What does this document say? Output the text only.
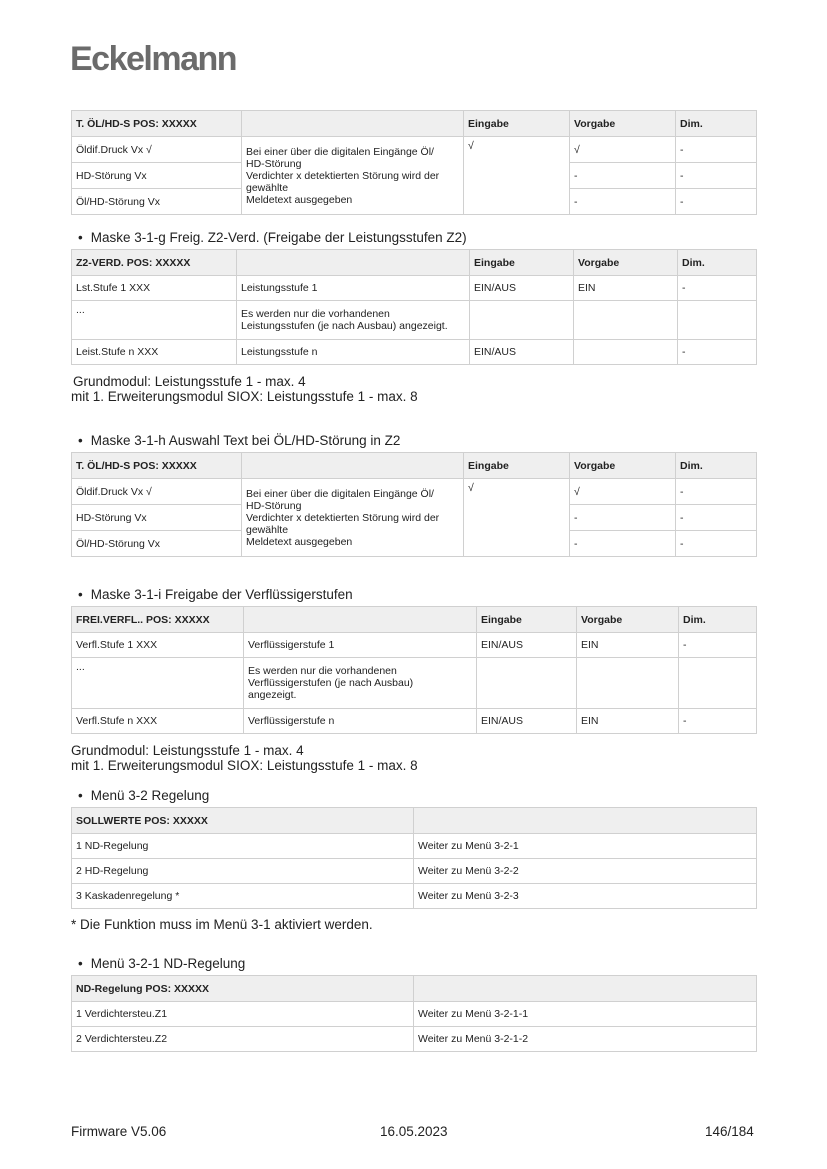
Eckelmann
T. ÖL/HD-S POS: XXXXX		Eingabe	Vorgabe	Dim.
Öldif.Druck Vx √	Bei einer über die digitalen Eingänge Öl/
HD-Störung
Verdichter x detektierten Störung wird der
gewählte
Meldetext ausgegeben	√	√	-
HD-Störung Vx			-	-
Öl/HD-Störung Vx			-	-
• Maske 3-1-g Freig. Z2-Verd. (Freigabe der Leistungsstufen Z2)
Z2-VERD. POS: XXXXX		Eingabe	Vorgabe	Dim.
Lst.Stufe 1 XXX	Leistungsstufe 1	EIN/AUS	EIN	-
...	Es werden nur die vorhandenen
Leistungsstufen (je nach Ausbau) angezeigt.			

Leist.Stufe n XXX	Leistungsstufe n	EIN/AUS		-
Grundmodul: Leistungsstufe 1 - max. 4
mit 1. Erweiterungsmodul SIOX: Leistungsstufe 1 - max. 8
• Maske 3-1-h Auswahl Text bei ÖL/HD-Störung in Z2
T. ÖL/HD-S POS: XXXXX		Eingabe	Vorgabe	Dim.
Öldif.Druck Vx √	Bei einer über die digitalen Eingänge Öl/
HD-Störung
Verdichter x detektierten Störung wird der
gewählte
Meldetext ausgegeben	√	√	-
HD-Störung Vx			-	-
Öl/HD-Störung Vx			-	-
• Maske 3-1-i Freigabe der Verflüssigerstufen
FREI.VERFL.. POS: XXXXX		Eingabe	Vorgabe	Dim.
Verfl.Stufe 1 XXX	Verflüssigerstufe 1	EIN/AUS	EIN	-
...	Es werden nur die vorhandenen
Verflüssigerstufen (je nach Ausbau)
angezeigt.			

Verfl.Stufe n XXX	Verflüssigerstufe n	EIN/AUS	EIN	-
Grundmodul: Leistungsstufe 1 - max. 4
mit 1. Erweiterungsmodul SIOX: Leistungsstufe 1 - max. 8
• Menü 3-2 Regelung
SOLLWERTE POS: XXXXX	
1 ND-Regelung	Weiter zu Menü 3-2-1
2 HD-Regelung	Weiter zu Menü 3-2-2
3 Kaskadenregelung *	Weiter zu Menü 3-2-3
* Die Funktion muss im Menü 3-1 aktiviert werden.
• Menü 3-2-1 ND-Regelung
ND-Regelung POS: XXXXX	
1 Verdichtersteu.Z1	Weiter zu Menü 3-2-1-1
2 Verdichtersteu.Z2	Weiter zu Menü 3-2-1-2
Firmware V5.06	16.05.2023	146/184
